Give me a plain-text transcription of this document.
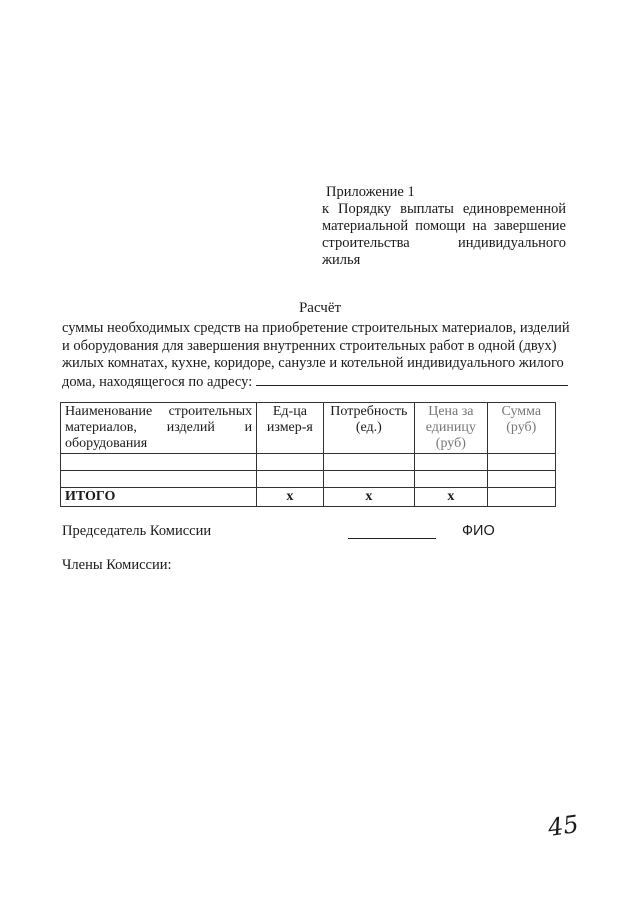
Приложение 1
к Порядку выплаты единовременной
материальной помощи на завершение
строительства индивидуального
жилья
Расчёт
суммы необходимых средств на приобретение строительных материалов, изделий
и оборудования для завершения внутренних строительных работ в одной (двух)
жилых комнатах, кухне, коридоре, санузле и котельной индивидуального жилого
дома, находящегося по адресу:
Наименование строительных материалов, изделий и оборудования	Ед-ца измер-я	Потребность (ед.)	Цена за единицу (руб)	Сумма (руб)

ИТОГО	х	х	х	
Председатель Комиссии	ФИО
Члены Комиссии:
45
